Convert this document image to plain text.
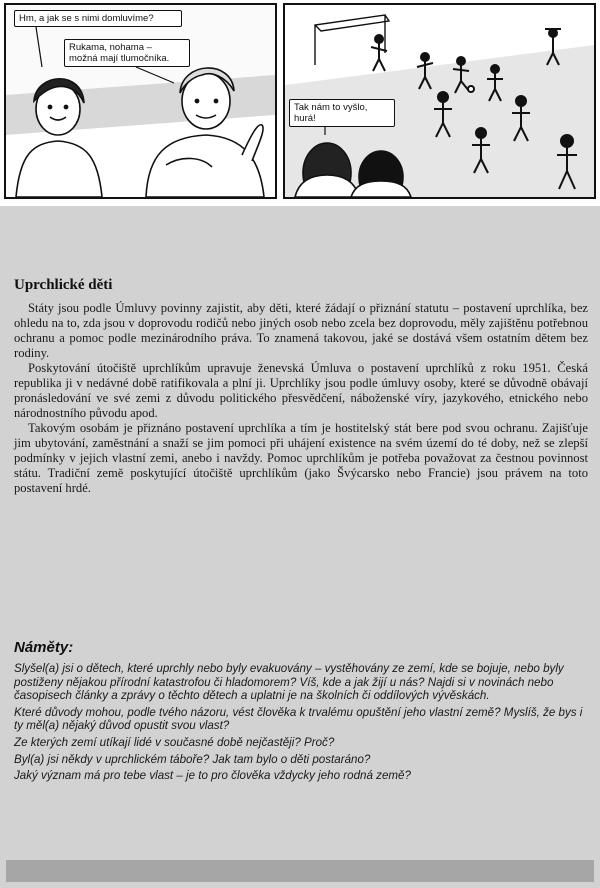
Hm, a jak se s nimi domluvíme?
Rukama, nohama –
možná mají tlumočníka.
Tak nám to vyšlo, hurá!
Uprchlické děti

Státy jsou podle Úmluvy povinny zajistit, aby děti, které žádají o přiznání statutu – postavení uprchlíka, bez ohledu na to, zda jsou v doprovodu rodičů nebo jiných osob nebo zcela bez doprovodu, měly zajištěnu potřebnou ochranu a pomoc podle mezinárodního práva. To znamená takovou, jaké se dostává všem ostatním dětem bez rodiny.

Poskytování útočiště uprchlíkům upravuje ženevská Úmluva o postavení uprchlíků z roku 1951. Česká republika ji v nedávné době ratifikovala a plní ji. Uprchlíky jsou podle úmluvy osoby, které se důvodně obávají pronásledování ve své zemi z důvodu politického přesvědčení, náboženské víry, jazykového, etnického nebo národnostního původu apod.

Takovým osobám je přiznáno postavení uprchlíka a tím je hostitelský stát bere pod svou ochranu. Zajišťuje jim ubytování, zaměstnání a snaží se jim pomoci při uhájení existence na svém území do té doby, než se zlepší podmínky v jejich vlastní zemi, anebo i navždy. Pomoc uprchlíkům je potřeba považovat za čestnou povinnost státu. Tradiční země poskytující útočiště uprchlíkům (jako Švýcarsko nebo Francie) jsou právem na toto postavení hrdé.

Náměty:

Slyšel(a) jsi o dětech, které uprchly nebo byly evakuovány – vystěhovány ze zemí, kde se bojuje, nebo byly postiženy nějakou přírodní katastrofou či hladomorem? Víš, kde a jak žijí u nás? Najdi si v novinách nebo časopisech články a zprávy o těchto dětech a uplatni je na školních či oddílových vývěskách.

Které důvody mohou, podle tvého názoru, vést člověka k trvalému opuštění jeho vlastní země? Myslíš, že bys i ty měl(a) nějaký důvod opustit svou vlast?

Ze kterých zemí utíkají lidé v současné době nejčastěji? Proč?

Byl(a) jsi někdy v uprchlickém táboře? Jak tam bylo o děti postaráno?

Jaký význam má pro tebe vlast – je to pro člověka vždycky jeho rodná země?
